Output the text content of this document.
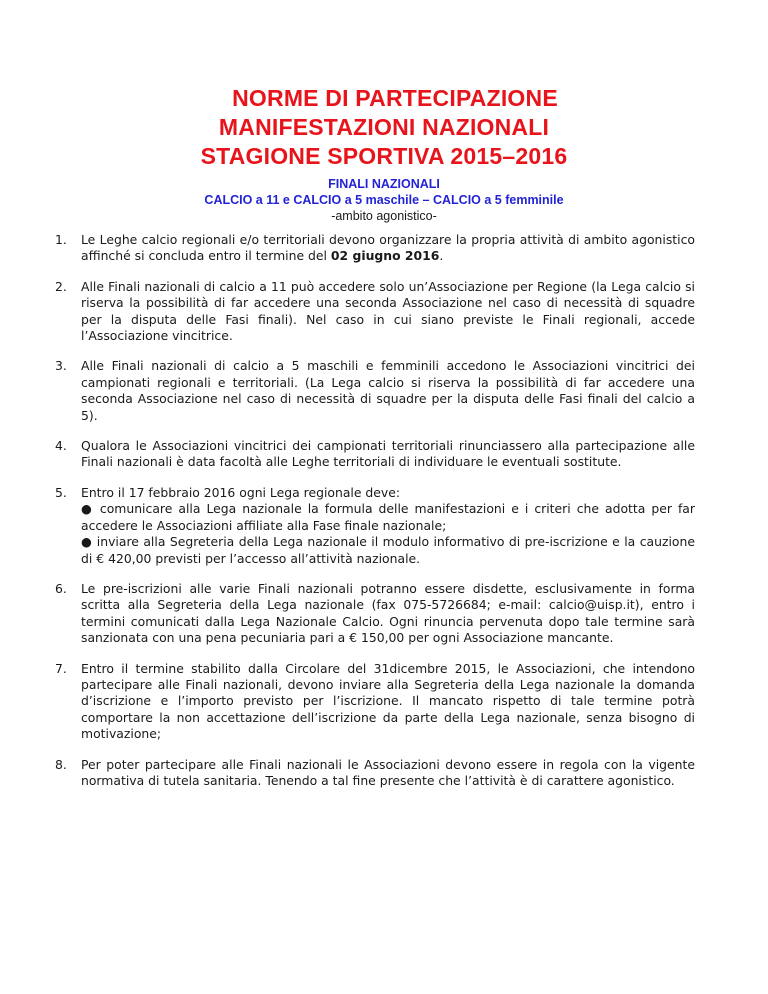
NORME DI PARTECIPAZIONE
MANIFESTAZIONI NAZIONALI
STAGIONE SPORTIVA 2015–2016
FINALI NAZIONALI
CALCIO a 11 e CALCIO a 5 maschile – CALCIO a 5 femminile
-ambito agonistico-
1. Le Leghe calcio regionali e/o territoriali devono organizzare la propria attività di ambito agonistico affinché si concluda entro il termine del 02 giugno 2016.
2. Alle Finali nazionali di calcio a 11 può accedere solo un’Associazione per Regione (la Lega calcio si riserva la possibilità di far accedere una seconda Associazione nel caso di necessità di squadre per la disputa delle Fasi finali). Nel caso in cui siano previste le Finali regionali, accede l’Associazione vincitrice.
3. Alle Finali nazionali di calcio a 5 maschili e femminili accedono le Associazioni vincitrici dei campionati regionali e territoriali. (La Lega calcio si riserva la possibilità di far accedere una seconda Associazione nel caso di necessità di squadre per la disputa delle Fasi finali del calcio a 5).
4. Qualora le Associazioni vincitrici dei campionati territoriali rinunciassero alla partecipazione alle Finali nazionali è data facoltà alle Leghe territoriali di individuare le eventuali sostitute.
5. Entro il 17 febbraio 2016 ogni Lega regionale deve:
● comunicare alla Lega nazionale la formula delle manifestazioni e i criteri che adotta per far accedere le Associazioni affiliate alla Fase finale nazionale;
● inviare alla Segreteria della Lega nazionale il modulo informativo di pre-iscrizione e la cauzione di € 420,00 previsti per l’accesso all’attività nazionale.
6. Le pre-iscrizioni alle varie Finali nazionali potranno essere disdette, esclusivamente in forma scritta alla Segreteria della Lega nazionale (fax 075-5726684; e-mail: calcio@uisp.it), entro i termini comunicati dalla Lega Nazionale Calcio. Ogni rinuncia pervenuta dopo tale termine sarà sanzionata con una pena pecuniaria pari a € 150,00 per ogni Associazione mancante.
7. Entro il termine stabilito dalla Circolare del 31dicembre 2015, le Associazioni, che intendono partecipare alle Finali nazionali, devono inviare alla Segreteria della Lega nazionale la domanda d’iscrizione e l’importo previsto per l’iscrizione. Il mancato rispetto di tale termine potrà comportare la non accettazione dell’iscrizione da parte della Lega nazionale, senza bisogno di motivazione;
8. Per poter partecipare alle Finali nazionali le Associazioni devono essere in regola con la vigente normativa di tutela sanitaria. Tenendo a tal fine presente che l’attività è di carattere agonistico.
